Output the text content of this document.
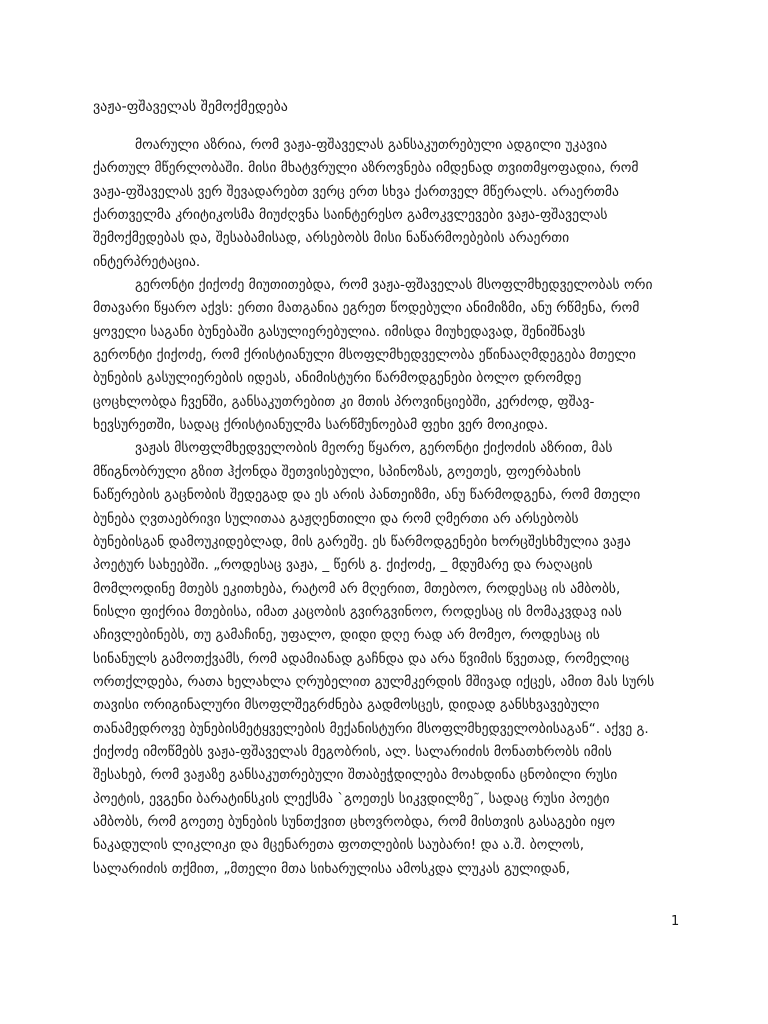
ვაჟა-ფშაველას შემოქმედება
მოარული აზრია, რომ ვაჟა-ფშაველას განსაკუთრებული ადგილი უკავია
ქართულ მწერლობაში. მისი მხატვრული აზროვნება იმდენად თვითმყოფადია, რომ
ვაჟა-ფშაველას ვერ შევადარებთ ვერც ერთ სხვა ქართველ მწერალს. არაერთმა
ქართველმა კრიტიკოსმა მიუძღვნა საინტერესო გამოკვლევები ვაჟა-ფშაველას
შემოქმედებას და, შესაბამისად, არსებობს მისი ნაწარმოებების არაერთი
ინტერპრეტაცია.
გერონტი ქიქოძე მიუთითებდა, რომ ვაჟა-ფშაველას მსოფლმხედველობას ორი
მთავარი წყარო აქვს: ერთი მათგანია ეგრეთ წოდებული ანიმიზმი, ანუ რწმენა, რომ
ყოველი საგანი ბუნებაში გასულიერებულია. იმისდა მიუხედავად, შენიშნავს
გერონტი ქიქოძე, რომ ქრისტიანული მსოფლმხედველობა ეწინააღმდეგება მთელი
ბუნების გასულიერების იდეას, ანიმისტური წარმოდგენები ბოლო დრომდე
ცოცხლობდა ჩვენში, განსაკუთრებით კი მთის პროვინციებში, კერძოდ, ფშავ-
ხევსურეთში, სადაც ქრისტიანულმა სარწმუნოებამ ფეხი ვერ მოიკიდა.
ვაჟას მსოფლმხედველობის მეორე წყარო, გერონტი ქიქოძის აზრით, მას
მწიგნობრული გზით ჰქონდა შეთვისებული, სპინოზას, გოეთეს, ფოერბახის
ნაწერების გაცნობის შედეგად და ეს არის პანთეიზმი, ანუ წარმოდგენა, რომ მთელი
ბუნება ღვთაებრივი სულითაა გაჟღენთილი და რომ ღმერთი არ არსებობს
ბუნებისგან დამოუკიდებლად, მის გარეშე. ეს წარმოდგენები ხორცშესხმულია ვაჟა
პოეტურ სახეებში. „როდესაც ვაჟა, _ წერს გ. ქიქოძე, _ მდუმარე და რაღაცის
მომლოდინე მთებს ეკითხება, რატომ არ მღერით, მთებოო, როდესაც ის ამბობს,
ნისლი ფიქრია მთებისა, იმათ კაცობის გვირგვინოო, როდესაც ის მომაკვდავ იას
აჩივლებინებს, თუ გამაჩინე, უფალო, დიდი დღე რად არ მომეო, როდესაც ის
სინანულს გამოთქვამს, რომ ადამიანად გაჩნდა და არა წვიმის წვეთად, რომელიც
ორთქლდება, რათა ხელახლა ღრუბელით გულმკერდის მშივად იქცეს, ამით მას სურს
თავისი ორიგინალური მსოფლშეგრძნება გადმოსცეს, დიდად განსხვავებული
თანამედროვე ბუნებისმეტყველების მექანისტური მსოფლმხედველობისაგან“. აქვე გ.
ქიქოძე იმოწმებს ვაჟა-ფშაველას მეგობრის, ალ. სალარიძის მონათხრობს იმის
შესახებ, რომ ვაჟაზე განსაკუთრებული შთაბეჭდილება მოახდინა ცნობილი რუსი
პოეტის, ევგენი ბარატინსკის ლექსმა `გოეთეს სიკვდილზე˜, სადაც რუსი პოეტი
ამბობს, რომ გოეთე ბუნების სუნთქვით ცხოვრობდა, რომ მისთვის გასაგები იყო
ნაკადულის ლიკლიკი და მცენარეთა ფოთლების საუბარი! და ა.შ. ბოლოს,
სალარიძის თქმით, „მთელი მთა სიხარულისა ამოსკდა ლუკას გულიდან,
1
